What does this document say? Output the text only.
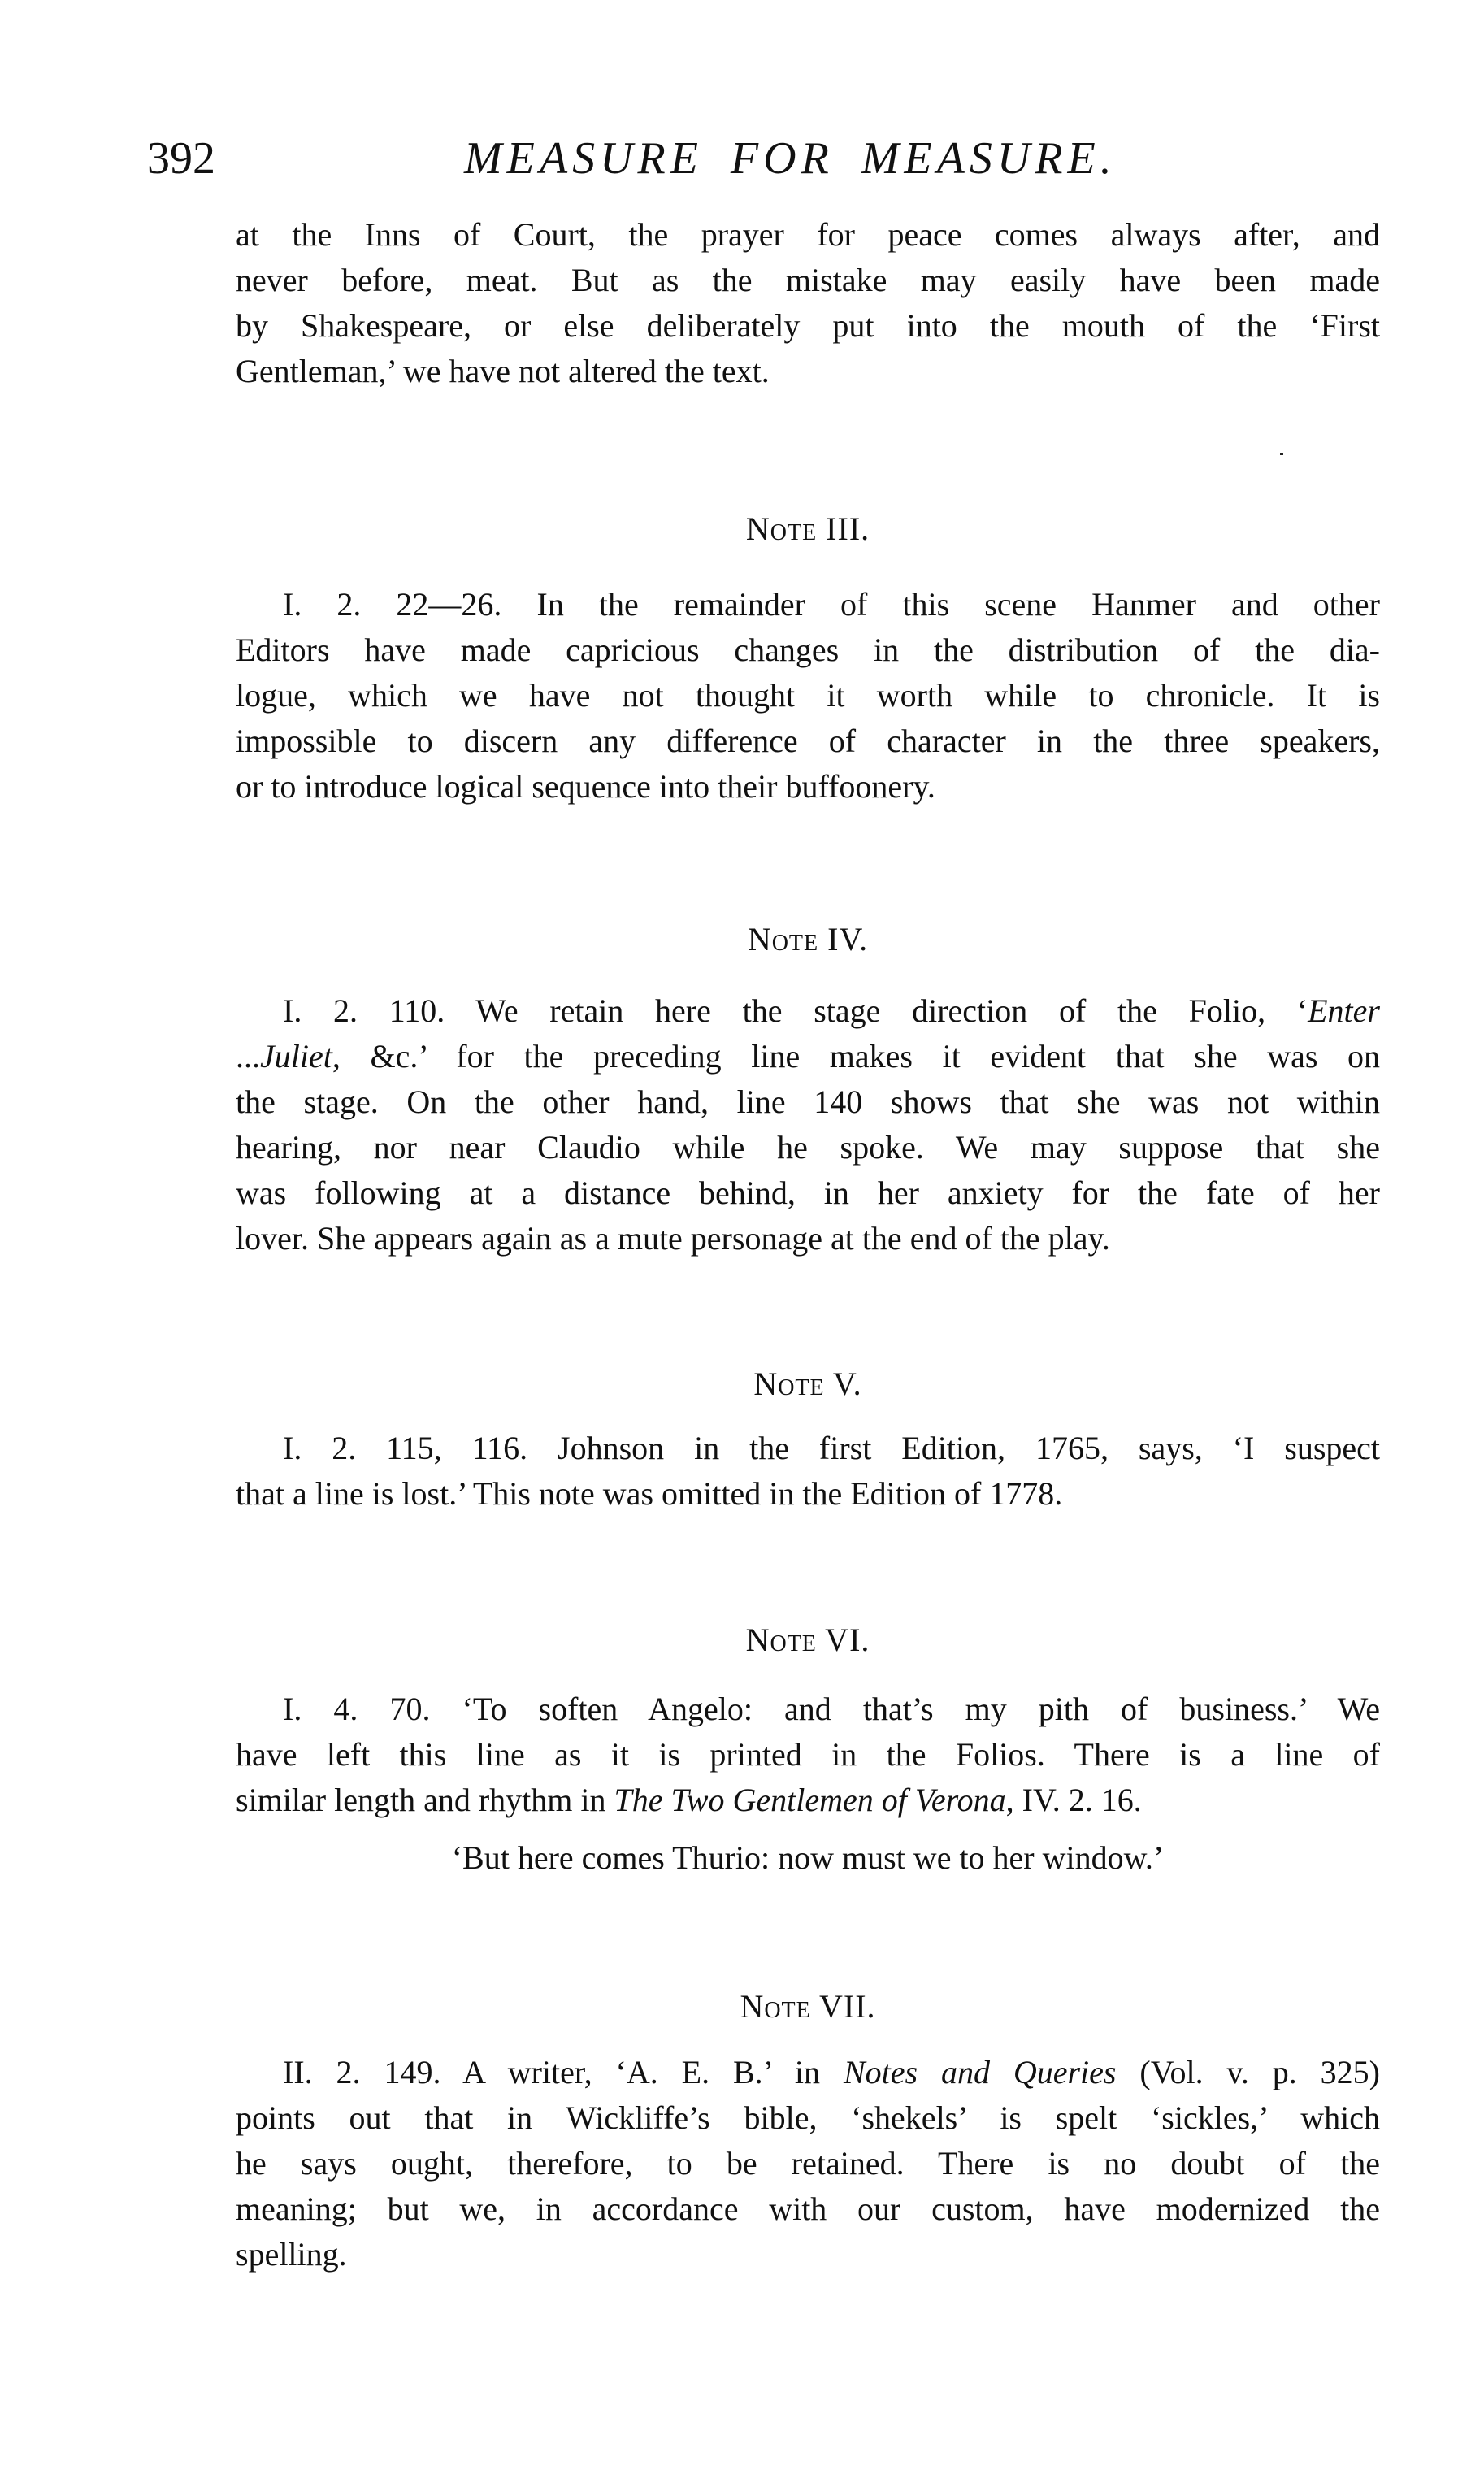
392	MEASURE FOR MEASURE.
at the Inns of Court, the prayer for peace comes always after, and
never before, meat. But as the mistake may easily have been made
by Shakespeare, or else deliberately put into the mouth of the ‘First
Gentleman,’ we have not altered the text.
Note III.
I. 2. 22—26. In the remainder of this scene Hanmer and other
Editors have made capricious changes in the distribution of the dia-
logue, which we have not thought it worth while to chronicle. It is
impossible to discern any difference of character in the three speakers,
or to introduce logical sequence into their buffoonery.
Note IV.
I. 2. 110. We retain here the stage direction of the Folio, ‘Enter
...Juliet, &c.’ for the preceding line makes it evident that she was on
the stage. On the other hand, line 140 shows that she was not within
hearing, nor near Claudio while he spoke. We may suppose that she
was following at a distance behind, in her anxiety for the fate of her
lover. She appears again as a mute personage at the end of the play.
Note V.
I. 2. 115, 116. Johnson in the first Edition, 1765, says, ‘I suspect
that a line is lost.’ This note was omitted in the Edition of 1778.
Note VI.
I. 4. 70. ‘To soften Angelo: and that’s my pith of business.’ We
have left this line as it is printed in the Folios. There is a line of
similar length and rhythm in The Two Gentlemen of Verona, IV. 2. 16.
‘But here comes Thurio: now must we to her window.’
Note VII.
II. 2. 149. A writer, ‘A. E. B.’ in Notes and Queries (Vol. v. p. 325)
points out that in Wickliffe’s bible, ‘shekels’ is spelt ‘sickles,’ which
he says ought, therefore, to be retained. There is no doubt of the
meaning; but we, in accordance with our custom, have modernized the
spelling.
